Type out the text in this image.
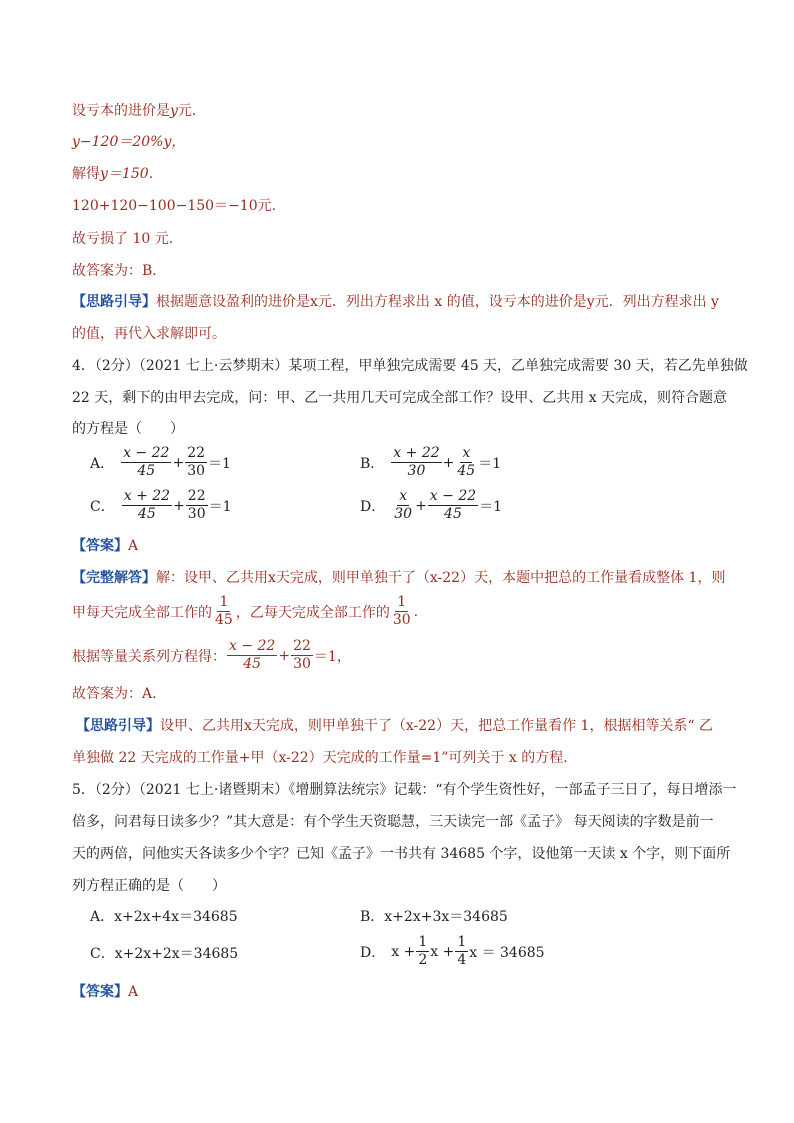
设亏本的进价是y元．
y−120＝20%y，
解得y＝150．
120+120−100−150＝−10元．
故亏损了 10 元．
故答案为：B．
【思路引导】根据题意设盈利的进价是x元．列出方程求出 x 的值，设亏本的进价是y元．列出方程求出 y
的值，再代入求解即可。
4．（2分）（2021 七上·云梦期末）某项工程，甲单独完成需要 45 天，乙单独完成需要 30 天，若乙先单独做
22 天，剩下的由甲去完成，问：甲、乙一共用几天可完成全部工作？设甲、乙共用 x 天完成，则符合题意
的方程是（　　）
A． $\frac{x - 22}{45} + \frac{22}{30} =1$	B． $\frac{x + 22}{30} + \frac{x}{45} =1$
C． $\frac{x + 22}{45} + \frac{22}{30} =1$	D． $\frac{x}{30} + \frac{x - 22}{45} =1$
【答案】A
【完整解答】解：设甲、乙共用x天完成，则甲单独干了（x-22）天，本题中把总的工作量看成整体 1，则
甲每天完成全部工作的 $\frac{1}{45}$ ，乙每天完成全部工作的 $\frac{1}{30}$ .
根据等量关系列方程得： $\frac{x - 22}{45} + \frac{22}{30} =1$，
故答案为：A．
【思路引导】设甲、乙共用x天完成，则甲单独干了（x-22）天，把总工作量看作 1，根据相等关系“ 乙
单独做 22 天完成的工作量+甲（x-22）天完成的工作量=1”可列关于 x 的方程.
5．（2分）（2021 七上·诸暨期末）《增删算法统宗》记载：“有个学生资性好，一部孟子三日了，每日增添一
倍多，问君每日读多少？”其大意是：有个学生天资聪慧，三天读完一部《孟子》 每天阅读的字数是前一
天的两倍，问他实天各读多少个字？已知《孟子》一书共有 34685 个字，设他第一天读 x 个字，则下面所
列方程正确的是（　　）
A．x+2x+4x＝34685	B．x+2x+3x＝34685
C．x+2x+2x＝34685	D． $x + \frac{1}{2}$ $x + \frac{1}{4}$ x ＝ 34685
【答案】A
